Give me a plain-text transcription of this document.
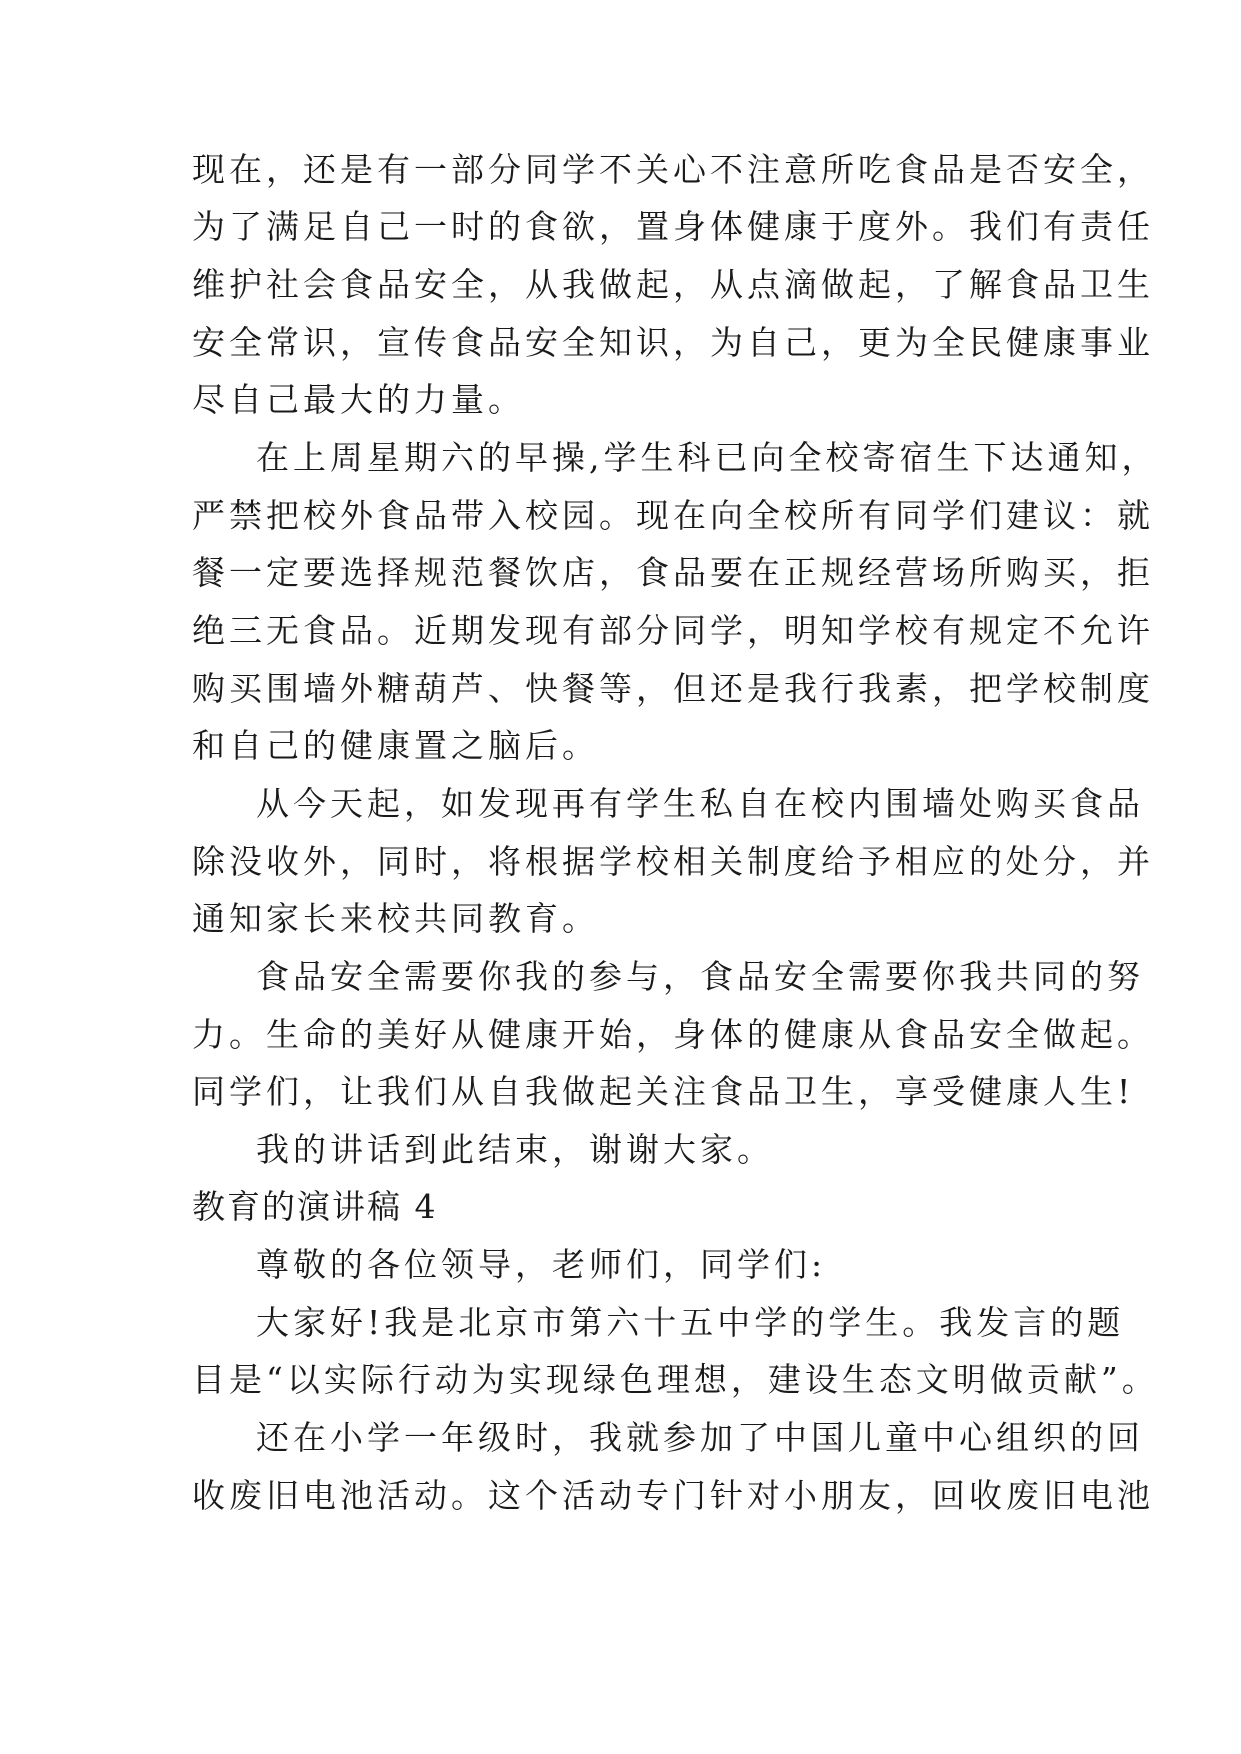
现在，还是有一部分同学不关心不注意所吃食品是否安全，
为了满足自己一时的食欲，置身体健康于度外。我们有责任
维护社会食品安全，从我做起，从点滴做起，了解食品卫生
安全常识，宣传食品安全知识，为自己，更为全民健康事业
尽自己最大的力量。
在上周星期六的早操,学生科已向全校寄宿生下达通知，
严禁把校外食品带入校园。现在向全校所有同学们建议：就
餐一定要选择规范餐饮店，食品要在正规经营场所购买，拒
绝三无食品。近期发现有部分同学，明知学校有规定不允许
购买围墙外糖葫芦、快餐等，但还是我行我素，把学校制度
和自己的健康置之脑后。
从今天起，如发现再有学生私自在校内围墙处购买食品
除没收外，同时，将根据学校相关制度给予相应的处分，并
通知家长来校共同教育。
食品安全需要你我的参与，食品安全需要你我共同的努
力。生命的美好从健康开始，身体的健康从食品安全做起。
同学们，让我们从自我做起关注食品卫生，享受健康人生!
我的讲话到此结束，谢谢大家。
教育的演讲稿 4
尊敬的各位领导，老师们，同学们:
大家好!我是北京市第六十五中学的学生。我发言的题
目是“以实际行动为实现绿色理想，建设生态文明做贡献”。
还在小学一年级时，我就参加了中国儿童中心组织的回
收废旧电池活动。这个活动专门针对小朋友，回收废旧电池
